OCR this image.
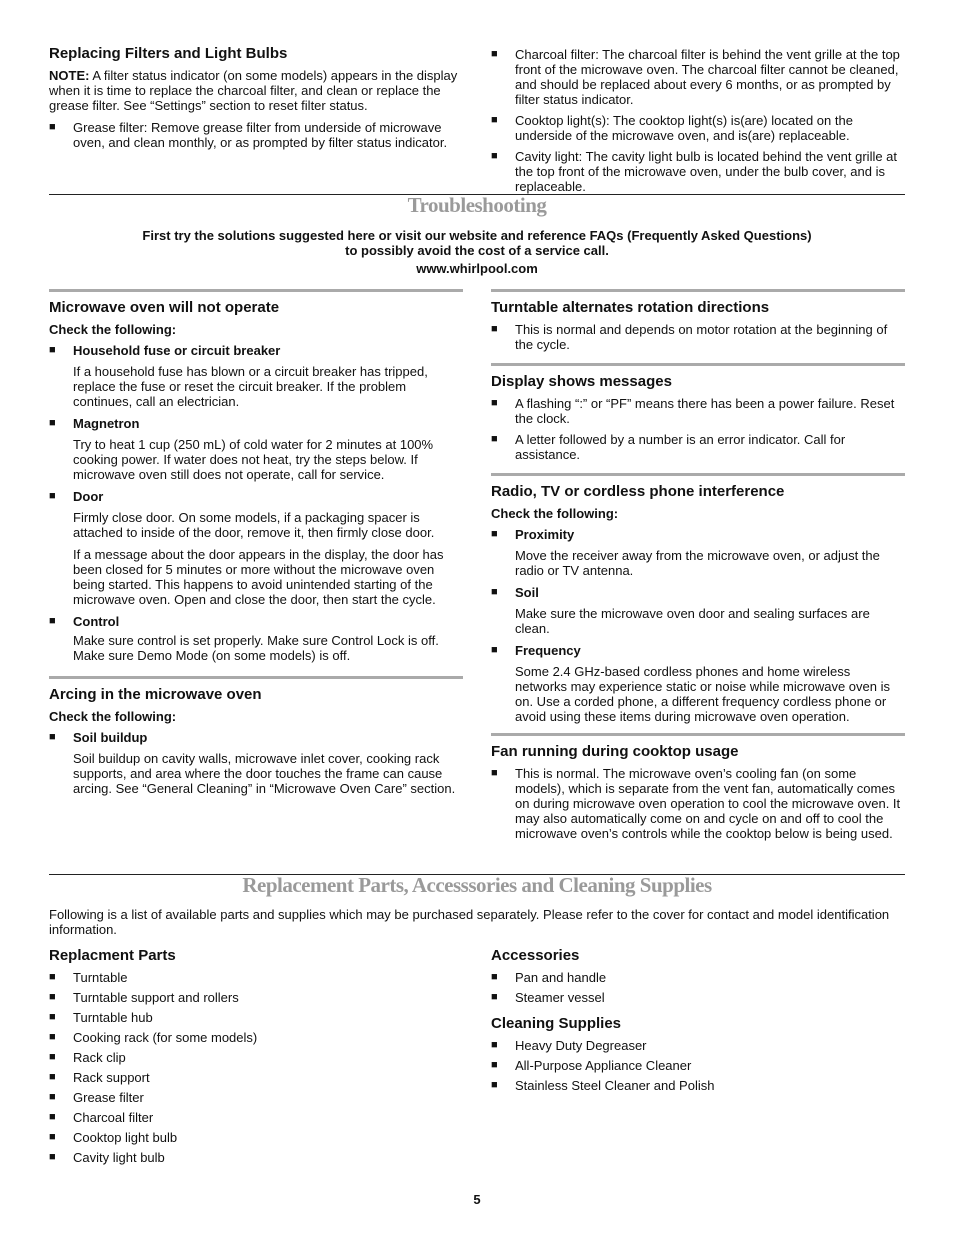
Replacing Filters and Light Bulbs

NOTE: A filter status indicator (on some models) appears in the display when it is time to replace the charcoal filter, and clean or replace the grease filter. See “Settings” section to reset filter status.

■ Grease filter: Remove grease filter from underside of microwave oven, and clean monthly, or as prompted by filter status indicator.
■ Charcoal filter: The charcoal filter is behind the vent grille at the top front of the microwave oven. The charcoal filter cannot be cleaned, and should be replaced about every 6 months, or as prompted by filter status indicator.
■ Cooktop light(s): The cooktop light(s) is(are) located on the underside of the microwave oven, and is(are) replaceable.
■ Cavity light: The cavity light bulb is located behind the vent grille at the top front of the microwave oven, under the bulb cover, and is replaceable.
Troubleshooting
First try the solutions suggested here or visit our website and reference FAQs (Frequently Asked Questions)
to possibly avoid the cost of a service call.
www.whirlpool.com
Microwave oven will not operate
Check the following:
■ Household fuse or circuit breaker

If a household fuse has blown or a circuit breaker has tripped, replace the fuse or reset the circuit breaker. If the problem continues, call an electrician.

■ Magnetron

Try to heat 1 cup (250 mL) of cold water for 2 minutes at 100% cooking power. If water does not heat, try the steps below. If microwave oven still does not operate, call for service.

■ Door

Firmly close door. On some models, if a packaging spacer is attached to inside of the door, remove it, then firmly close door.

If a message about the door appears in the display, the door has been closed for 5 minutes or more without the microwave oven being started. This happens to avoid unintended starting of the microwave oven. Open and close the door, then start the cycle.

■ Control

Make sure control is set properly. Make sure Control Lock is off. Make sure Demo Mode (on some models) is off.

Arcing in the microwave oven
Check the following:
■ Soil buildup

Soil buildup on cavity walls, microwave inlet cover, cooking rack supports, and area where the door touches the frame can cause arcing. See “General Cleaning” in “Microwave Oven Care” section.

Turntable alternates rotation directions
■ This is normal and depends on motor rotation at the beginning of the cycle.
Display shows messages
■ A flashing “:” or “PF” means there has been a power failure. Reset the clock.
■ A letter followed by a number is an error indicator. Call for assistance.
Radio, TV or cordless phone interference
Check the following:
■ Proximity

Move the receiver away from the microwave oven, or adjust the radio or TV antenna.

■ Soil

Make sure the microwave oven door and sealing surfaces are clean.

■ Frequency

Some 2.4 GHz-based cordless phones and home wireless networks may experience static or noise while microwave oven is on. Use a corded phone, a different frequency cordless phone or avoid using these items during microwave oven operation.

Fan running during cooktop usage
■ This is normal. The microwave oven’s cooling fan (on some models), which is separate from the vent fan, automatically comes on during microwave oven operation to cool the microwave oven. It may also automatically come on and cycle on and off to cool the microwave oven’s controls while the cooktop below is being used.
Replacement Parts, Accesssories and Cleaning Supplies
Following is a list of available parts and supplies which may be purchased separately. Please refer to the cover for contact and model identification information.
Replacment Parts
■ Turntable
■ Turntable support and rollers
■ Turntable hub
■ Cooking rack (for some models)
■ Rack clip
■ Rack support
■ Grease filter
■ Charcoal filter
■ Cooktop light bulb
■ Cavity light bulb
Accessories
■ Pan and handle
■ Steamer vessel
Cleaning Supplies
■ Heavy Duty Degreaser
■ All-Purpose Appliance Cleaner
■ Stainless Steel Cleaner and Polish
5
